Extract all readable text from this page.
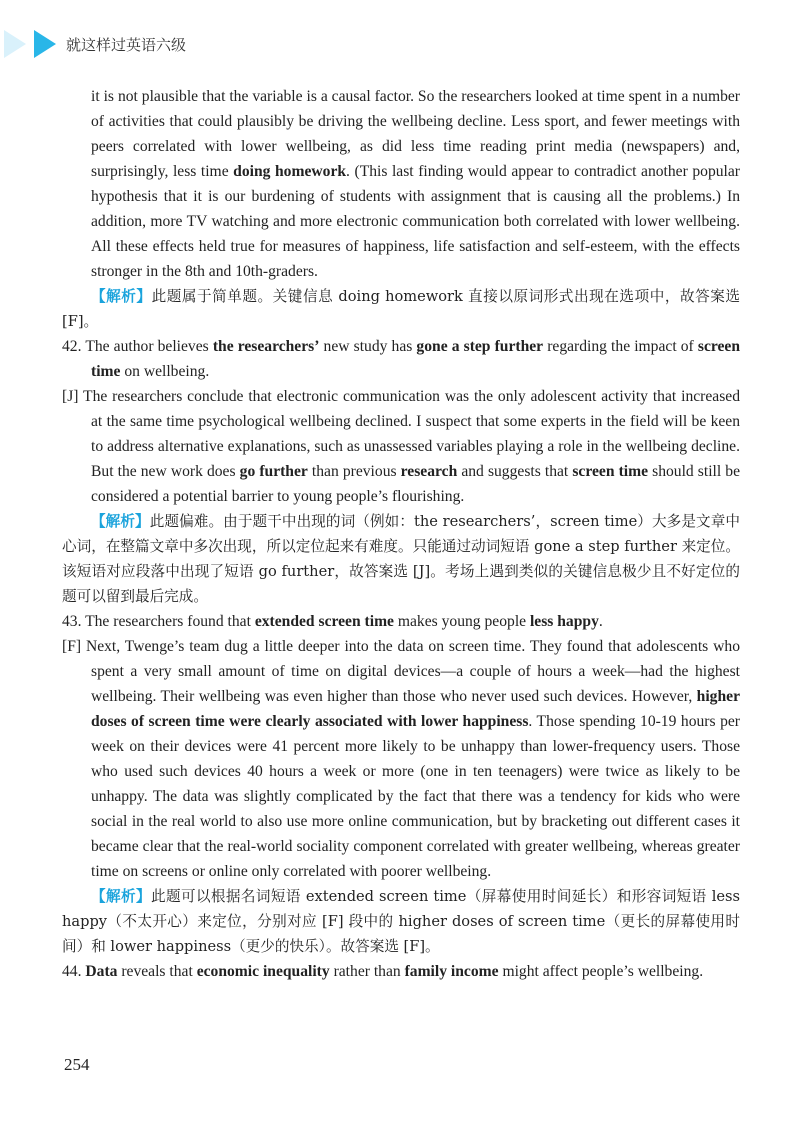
就这样过英语六级

it is not plausible that the variable is a causal factor. So the researchers looked at time spent in a number of activities that could plausibly be driving the wellbeing decline. Less sport, and fewer meetings with peers correlated with lower wellbeing, as did less time reading print media (newspapers) and, surprisingly, less time doing homework. (This last finding would appear to contradict another popular hypothesis that it is our burdening of students with assignment that is causing all the problems.) In addition, more TV watching and more electronic communication both correlated with lower wellbeing. All these effects held true for measures of happiness, life satisfaction and self-esteem, with the effects stronger in the 8th and 10th-graders.

【解析】此题属于简单题。关键信息 doing homework 直接以原词形式出现在选项中，故答案选 [F]。

42. The author believes the researchers’ new study has gone a step further regarding the impact of screen time on wellbeing.

[J] The researchers conclude that electronic communication was the only adolescent activity that increased at the same time psychological wellbeing declined. I suspect that some experts in the field will be keen to address alternative explanations, such as unassessed variables playing a role in the wellbeing decline. But the new work does go further than previous research and suggests that screen time should still be considered a potential barrier to young people’s flourishing.

【解析】此题偏难。由于题干中出现的词（例如：the researchers’，screen time）大多是文章中心词，在整篇文章中多次出现，所以定位起来有难度。只能通过动词短语 gone a step further 来定位。该短语对应段落中出现了短语 go further，故答案选 [J]。考场上遇到类似的关键信息极少且不好定位的题可以留到最后完成。

43. The researchers found that extended screen time makes young people less happy.

[F] Next, Twenge’s team dug a little deeper into the data on screen time. They found that adolescents who spent a very small amount of time on digital devices—a couple of hours a week—had the highest wellbeing. Their wellbeing was even higher than those who never used such devices. However, higher doses of screen time were clearly associated with lower happiness. Those spending 10-19 hours per week on their devices were 41 percent more likely to be unhappy than lower-frequency users. Those who used such devices 40 hours a week or more (one in ten teenagers) were twice as likely to be unhappy. The data was slightly complicated by the fact that there was a tendency for kids who were social in the real world to also use more online communication, but by bracketing out different cases it became clear that the real-world sociality component correlated with greater wellbeing, whereas greater time on screens or online only correlated with poorer wellbeing.

【解析】此题可以根据名词短语 extended screen time（屏幕使用时间延长）和形容词短语 less happy（不太开心）来定位，分别对应 [F] 段中的 higher doses of screen time（更长的屏幕使用时间）和 lower happiness（更少的快乐）。故答案选 [F]。

44. Data reveals that economic inequality rather than family income might affect people’s wellbeing.

254
